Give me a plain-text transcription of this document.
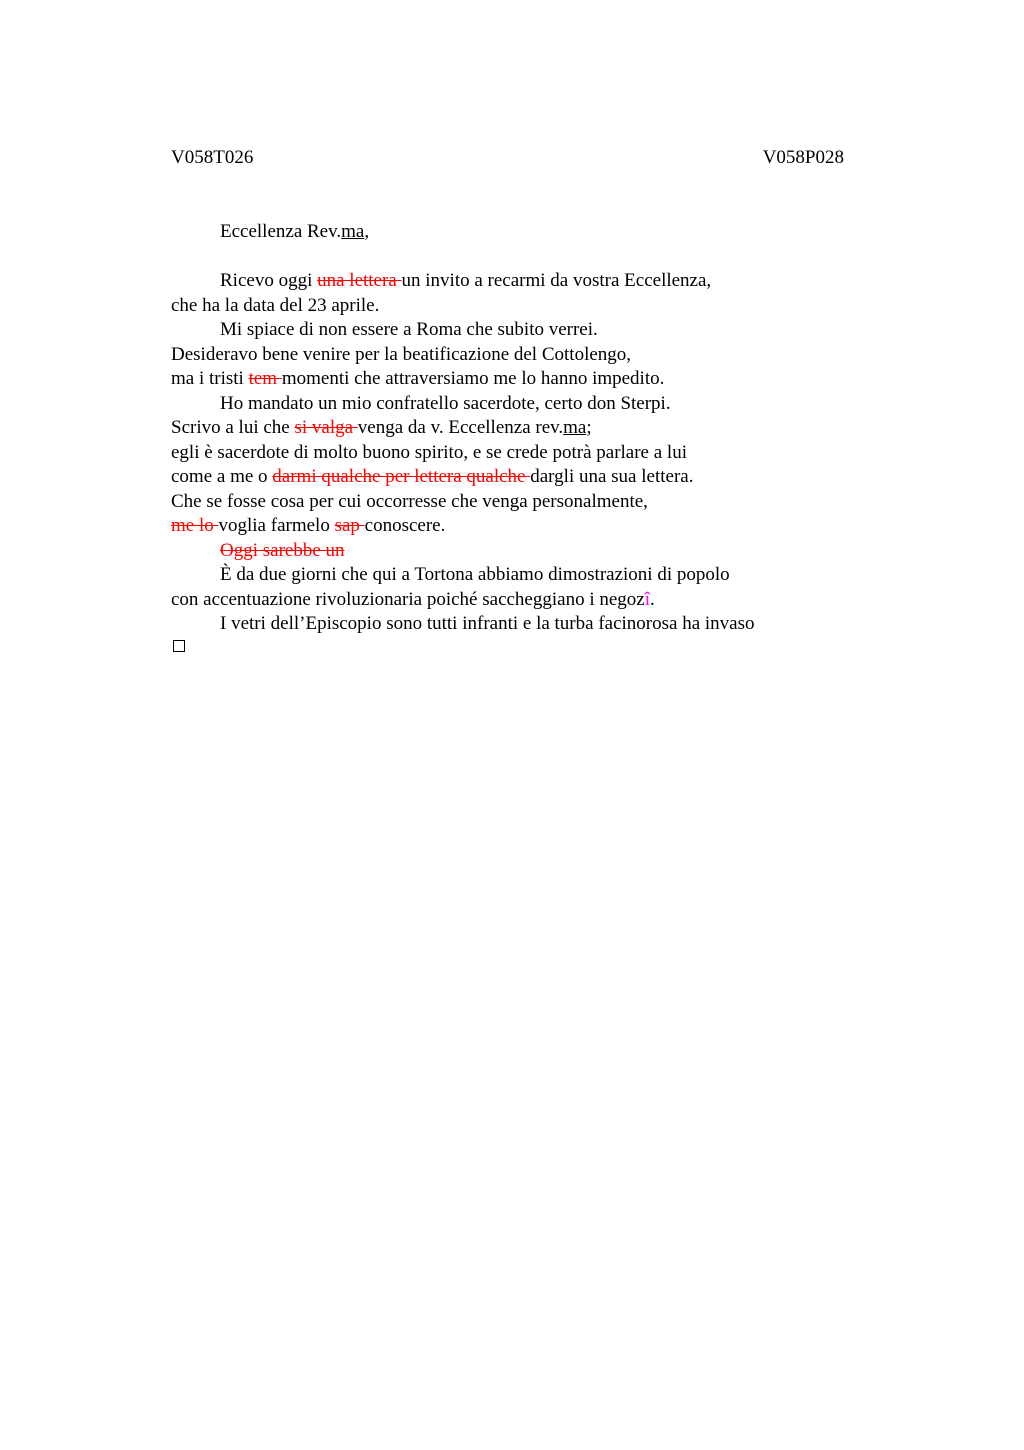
V058T026	V058P028
Eccellenza Rev.ma,
Ricevo oggi una lettera un invito a recarmi da vostra Eccellenza,
che ha la data del 23 aprile.
Mi spiace di non essere a Roma che subito verrei.
Desideravo bene venire per la beatificazione del Cottolengo,
ma i tristi tem momenti che attraversiamo me lo hanno impedito.
Ho mandato un mio confratello sacerdote, certo don Sterpi.
Scrivo a lui che si valga venga da v. Eccellenza rev.ma;
egli è sacerdote di molto buono spirito, e se crede potrà parlare a lui
come a me o darmi qualche per lettera qualche dargli una sua lettera.
Che se fosse cosa per cui occorresse che venga personalmente,
me lo voglia farmelo sap conoscere.
Oggi sarebbe un
È da due giorni che qui a Tortona abbiamo dimostrazioni di popolo
con accentuazione rivoluzionaria poiché saccheggiano i negozî.
I vetri dell’Episcopio sono tutti infranti e la turba facinorosa ha invaso
